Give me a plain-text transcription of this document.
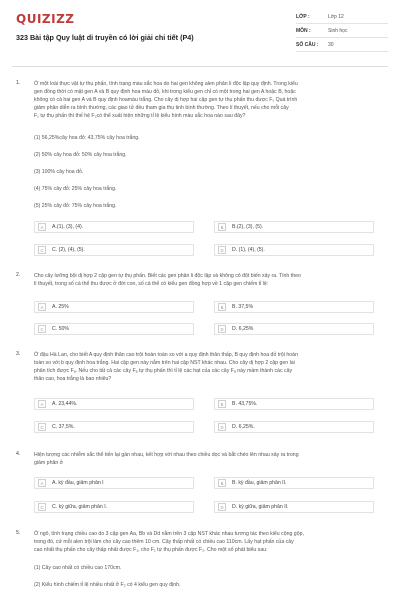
QUIZIZZ
323 Bài tập Quy luật di truyền có lời giải chi tiết (P4)
LỚP :	Lớp 12
MÔN :	Sinh học
SỐ CÂU :	30
1.	Ở một loài thực vật tự thụ phấn, tính trạng màu sắc hoa do hai gen không alen phân li độc lập quy định. Trong kiểu
gen đồng thời có mặt gen A và B quy định hoa màu đỏ, khi trong kiểu gen chỉ có một trong hai gen A hoặc B, hoặc
không có cả hai gen A và B quy định hoamàu trắng. Cho cây dị hợp hai cặp gen tự thụ phấn thu được F₁ Quá trình
giảm phân diễn ra bình thường, các giao tử đều tham gia thụ tinh bình thường. Theo lí thuyết, nếu cho mỗi cây
F₁ tự thụ phấn thì thế hệ F₂có thể xuất hiện những tỉ lệ kiểu hình màu sắc hoa nào sau đây?
(1) 56,25%cây hoa đỏ: 43,75% cây hoa trắng.
(2) 50% cây hoa đỏ: 50% cây hoa trắng.
(3) 100% cây hoa đỏ.
(4) 75% cây đỏ: 25% cây hoa trắng.
(5) 25% cây đỏ: 75% cây hoa trắng.
A	A.(1), (3), (4).	B	B.(2), (3), (5).
C	C. (2), (4), (5).	D	D. (1), (4), (5).
2.	Cho cây lưỡng bội dị hợp 2 cặp gen tự thụ phấn. Biết các gen phân li độc lập và không có đột biến xảy ra. Tính theo
lí thuyết, trong số cá thể thu được ở đời con, số cá thể có kiểu gen đồng hợp về 1 cặp gen chiếm tỉ lệ:
A	A. 25%	B	B. 37,5%
C	C. 50%	D	D. 6,25%
3.	Ở đậu Hà Lan, cho biết A quy định thân cao trội hoàn toàn so với a quy định thân thấp, B quy định hoa đỏ trội hoàn
toàn so với b quy định hoa trắng. Hai cặp gen này nằm trên hai cặp NST khác nhau. Cho cây dị hợp 2 cặp gen lai
phân tích được Fₐ. Nếu cho tất cả các cây Fₐ tự thụ phấn thì tỉ lệ các hạt của các cây Fₐ này mầm thành các cây
thân cao, hoa trắng là bao nhiêu?
A	A. 23,44%.	B	B. 43,75%.
C	C. 37,5%.	D	D. 6,25%.
4.	Hiện tượng các nhiễm sắc thể tiến lại gần nhau, kết hợp với nhau theo chiều dọc và bắt chéo lên nhau xảy ra trong
giảm phân ở
A	A. kỳ đầu, giảm phân I	B	B. kỳ đầu, giảm phân II.
C	C. kỳ giữa, giảm phân I.	D	D. kỳ giữa, giảm phân II.
5.	Ở ngô, tính trạng chiều cao do 3 cặp gen Aa, Bb và Dd nằm trên 3 cặp NST khác nhau tương tác theo kiểu cộng gộp,
trong đó, cứ mỗi alen trội làm cho cây cao thêm 10 cm. Cây thấp nhất có chiều cao 110cm. Lấy hạt phấn của cây
cao nhất thụ phấn cho cây thấp nhất được F₁, cho F₁ tự thụ phấn được F₂. Cho một số phát biểu sau:
(1) Cây cao nhất có chiều cao 170cm.
(2) Kiểu hình chiếm tỉ lệ nhiều nhất ở F₂ có 4 kiểu gen quy định.
